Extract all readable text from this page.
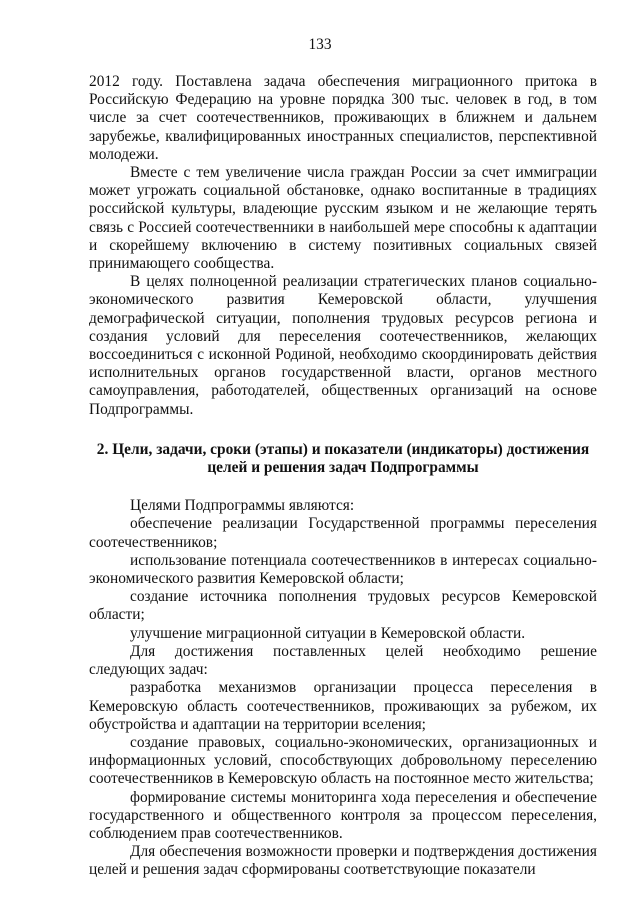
133

2012 году. Поставлена задача обеспечения миграционного притока в Российскую Федерацию на уровне порядка 300 тыс. человек в год, в том числе за счет соотечественников, проживающих в ближнем и дальнем зарубежье, квалифицированных иностранных специалистов, перспективной молодежи.

Вместе с тем увеличение числа граждан России за счет иммиграции может угрожать социальной обстановке, однако воспитанные в традициях российской культуры, владеющие русским языком и не желающие терять связь с Россией соотечественники в наибольшей мере способны к адаптации и скорейшему включению в систему позитивных социальных связей принимающего сообщества.

В целях полноценной реализации стратегических планов социально-экономического развития Кемеровской области, улучшения демографической ситуации, пополнения трудовых ресурсов региона и создания условий для переселения соотечественников, желающих воссоединиться с исконной Родиной, необходимо скоординировать действия исполнительных органов государственной власти, органов местного самоуправления, работодателей, общественных организаций на основе Подпрограммы.

2. Цели, задачи, сроки (этапы) и показатели (индикаторы) достижения целей и решения задач Подпрограммы

Целями Подпрограммы являются:

обеспечение реализации Государственной программы переселения соотечественников;

использование потенциала соотечественников в интересах социально-экономического развития Кемеровской области;

создание источника пополнения трудовых ресурсов Кемеровской области;

улучшение миграционной ситуации в Кемеровской области.

Для достижения поставленных целей необходимо решение следующих задач:

разработка механизмов организации процесса переселения в Кемеровскую область соотечественников, проживающих за рубежом, их обустройства и адаптации на территории вселения;

создание правовых, социально-экономических, организационных и информационных условий, способствующих добровольному переселению соотечественников в Кемеровскую область на постоянное место жительства;

формирование системы мониторинга хода переселения и обеспечение государственного и общественного контроля за процессом переселения, соблюдением прав соотечественников.

Для обеспечения возможности проверки и подтверждения достижения целей и решения задач сформированы соответствующие показатели
